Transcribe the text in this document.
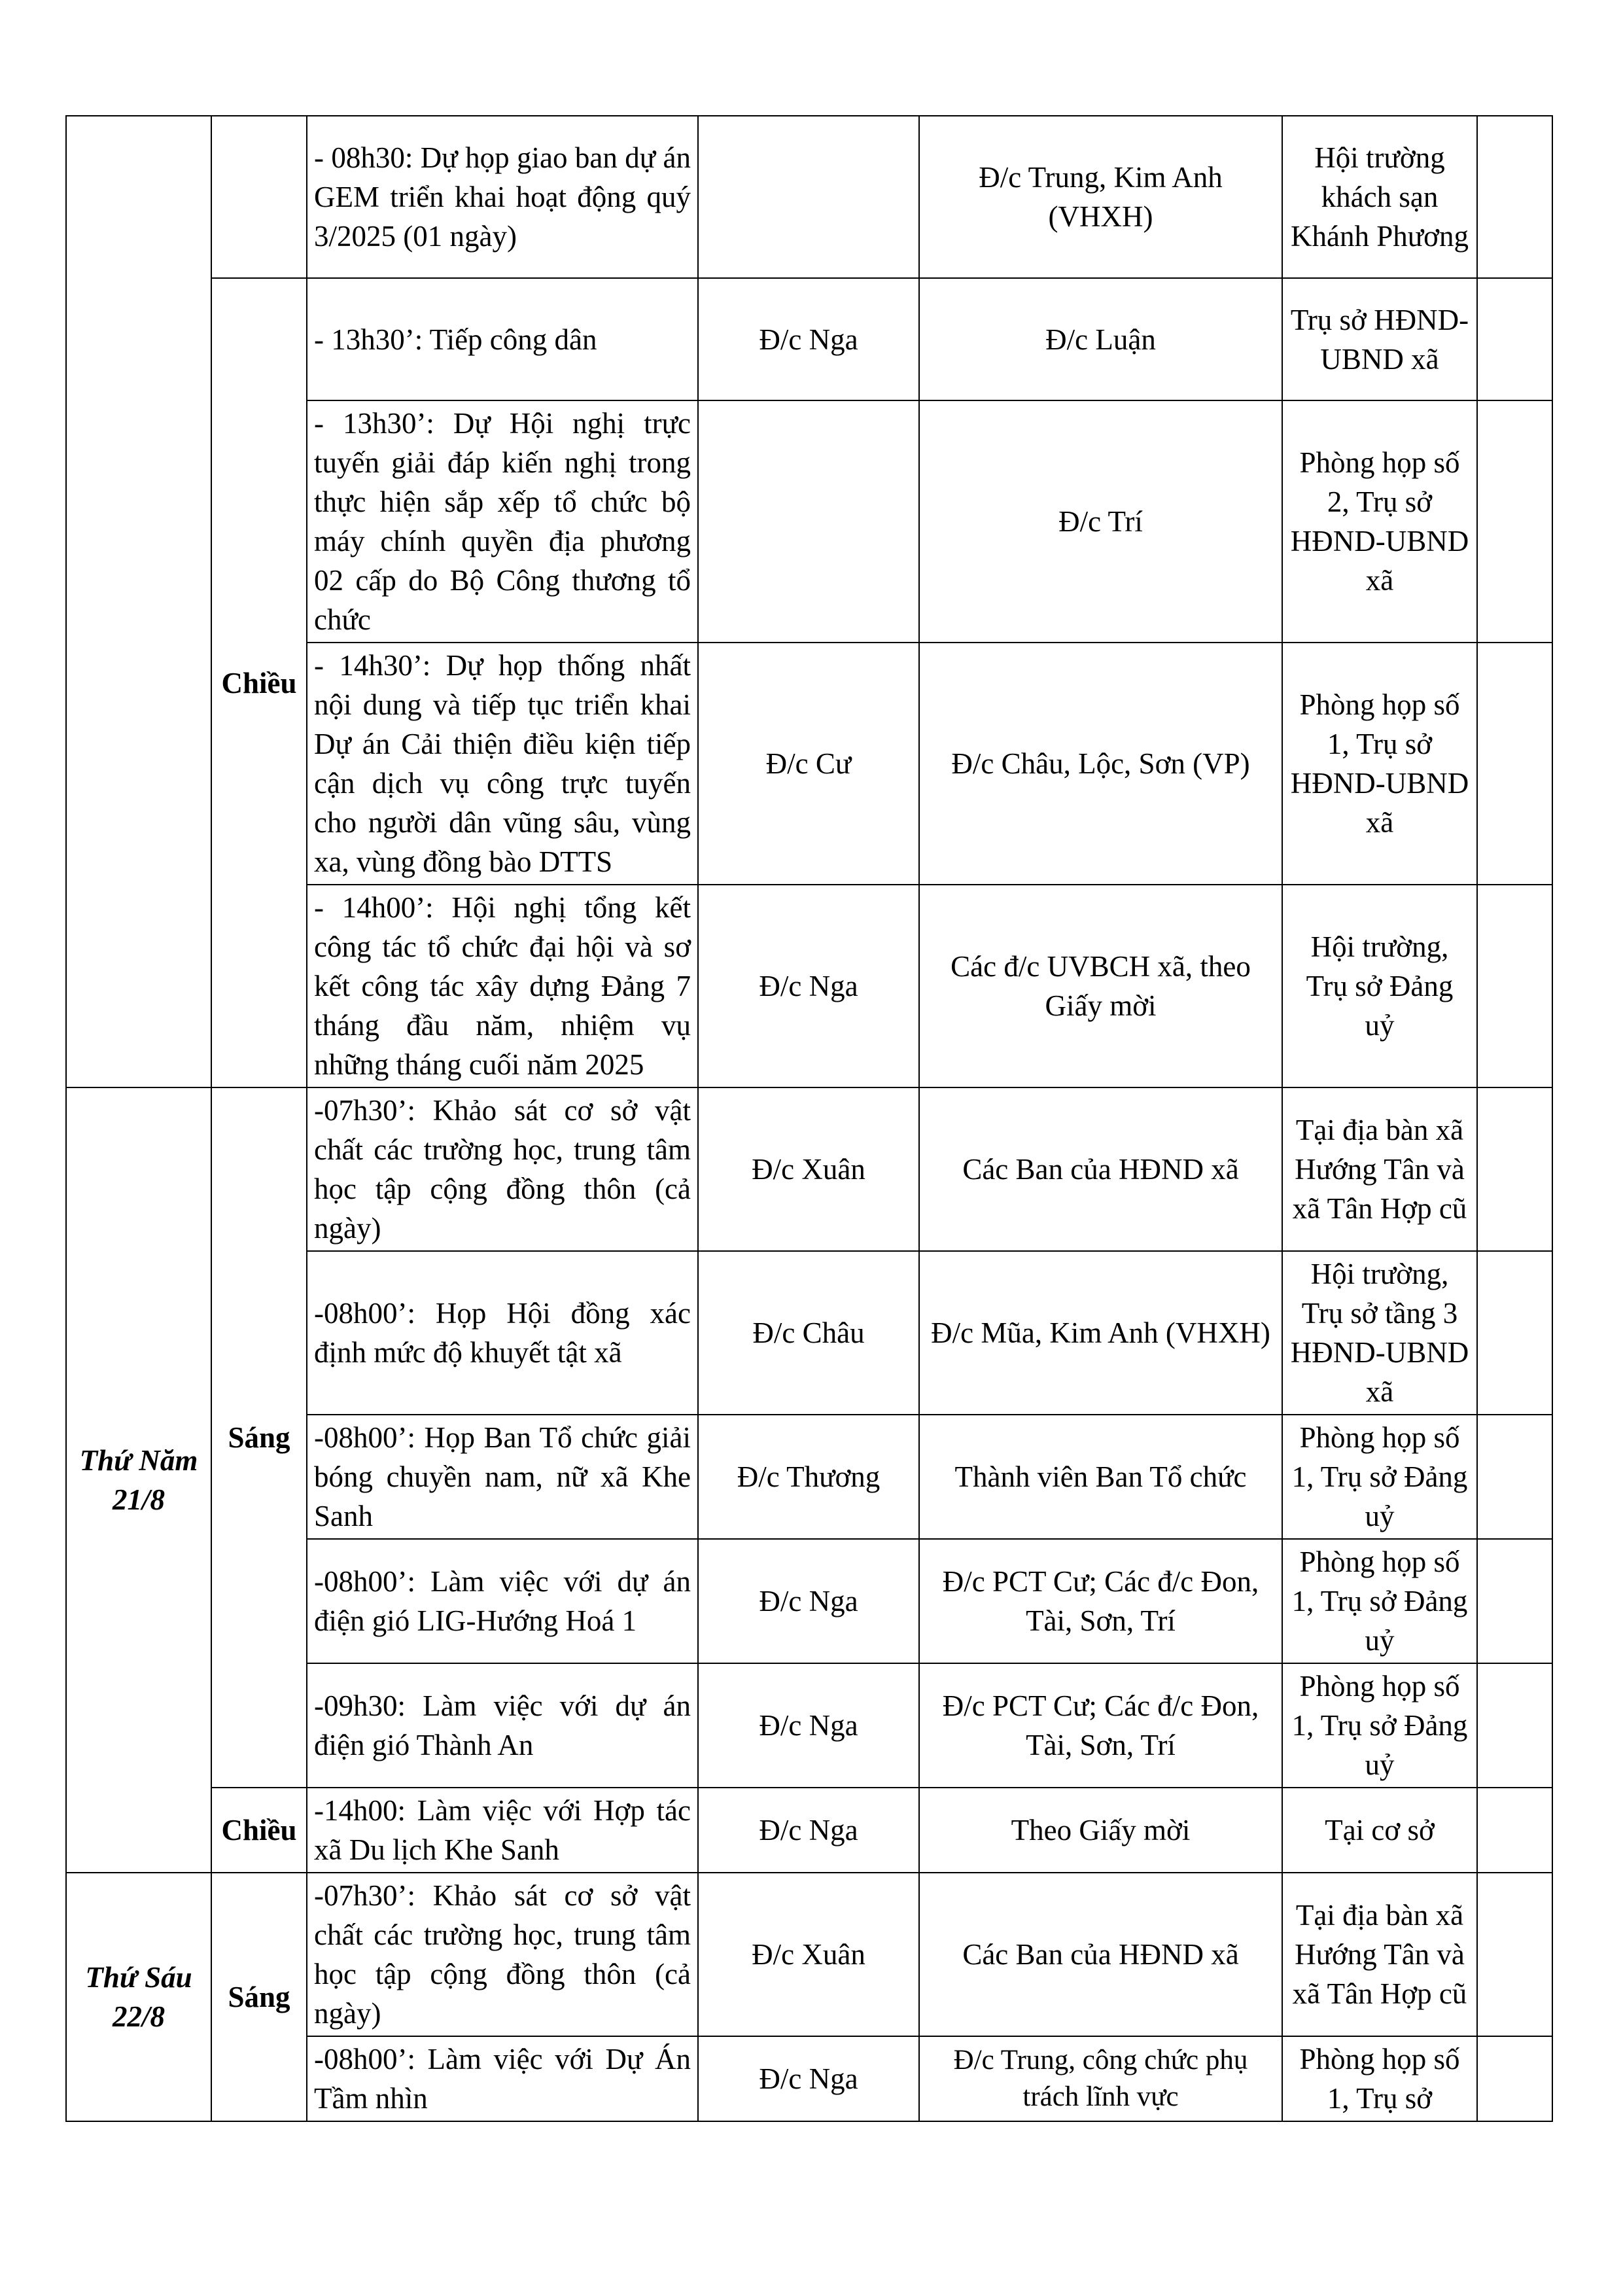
		- 08h30: Dự họp giao ban dự án GEM triển khai hoạt động quý 3/2025 (01 ngày)		Đ/c Trung, Kim Anh (VHXH)	Hội trường khách sạn Khánh Phương	
	Chiều	- 13h30’: Tiếp công dân	Đ/c Nga	Đ/c Luận	Trụ sở HĐND-UBND xã	
		- 13h30’: Dự Hội nghị trực tuyến giải đáp kiến nghị trong thực hiện sắp xếp tổ chức bộ máy chính quyền địa phương 02 cấp do Bộ Công thương tổ chức		Đ/c Trí	Phòng họp số 2, Trụ sở HĐND-UBND xã	
		- 14h30’: Dự họp thống nhất nội dung và tiếp tục triển khai Dự án Cải thiện điều kiện tiếp cận dịch vụ công trực tuyến cho người dân vũng sâu, vùng xa, vùng đồng bào DTTS	Đ/c Cư	Đ/c Châu, Lộc, Sơn (VP)	Phòng họp số 1, Trụ sở HĐND-UBND xã	
		- 14h00’: Hội nghị tổng kết công tác tổ chức đại hội và sơ kết công tác xây dựng Đảng 7 tháng đầu năm, nhiệm vụ những tháng cuối năm 2025	Đ/c Nga	Các đ/c UVBCH xã, theo Giấy mời	Hội trường, Trụ sở Đảng uỷ	

Thứ Năm
21/8	Sáng	-07h30’: Khảo sát cơ sở vật chất các trường học, trung tâm học tập cộng đồng thôn (cả ngày)	Đ/c Xuân	Các Ban của HĐND xã	Tại địa bàn xã Hướng Tân và xã Tân Hợp cũ	
		-08h00’: Họp Hội đồng xác định mức độ khuyết tật xã	Đ/c Châu	Đ/c Mũa, Kim Anh (VHXH)	Hội trường, Trụ sở tầng 3 HĐND-UBND xã	
		-08h00’: Họp Ban Tổ chức giải bóng chuyền nam, nữ xã Khe Sanh	Đ/c Thương	Thành viên Ban Tổ chức	Phòng họp số 1, Trụ sở Đảng uỷ	
		-08h00’: Làm việc với dự án điện gió LIG-Hướng Hoá 1	Đ/c Nga	Đ/c PCT Cư; Các đ/c Đon, Tài, Sơn, Trí	Phòng họp số 1, Trụ sở Đảng uỷ	
		-09h30: Làm việc với dự án điện gió Thành An	Đ/c Nga	Đ/c PCT Cư; Các đ/c Đon, Tài, Sơn, Trí	Phòng họp số 1, Trụ sở Đảng uỷ	
	Chiều	-14h00: Làm việc với Hợp tác xã Du lịch Khe Sanh	Đ/c Nga	Theo Giấy mời	Tại cơ sở	

Thứ Sáu
22/8	Sáng	-07h30’: Khảo sát cơ sở vật chất các trường học, trung tâm học tập cộng đồng thôn (cả ngày)	Đ/c Xuân	Các Ban của HĐND xã	Tại địa bàn xã Hướng Tân và xã Tân Hợp cũ	
		-08h00’: Làm việc với Dự Án Tầm nhìn	Đ/c Nga	Đ/c Trung, công chức phụ trách lĩnh vực	Phòng họp số 1, Trụ sở	
